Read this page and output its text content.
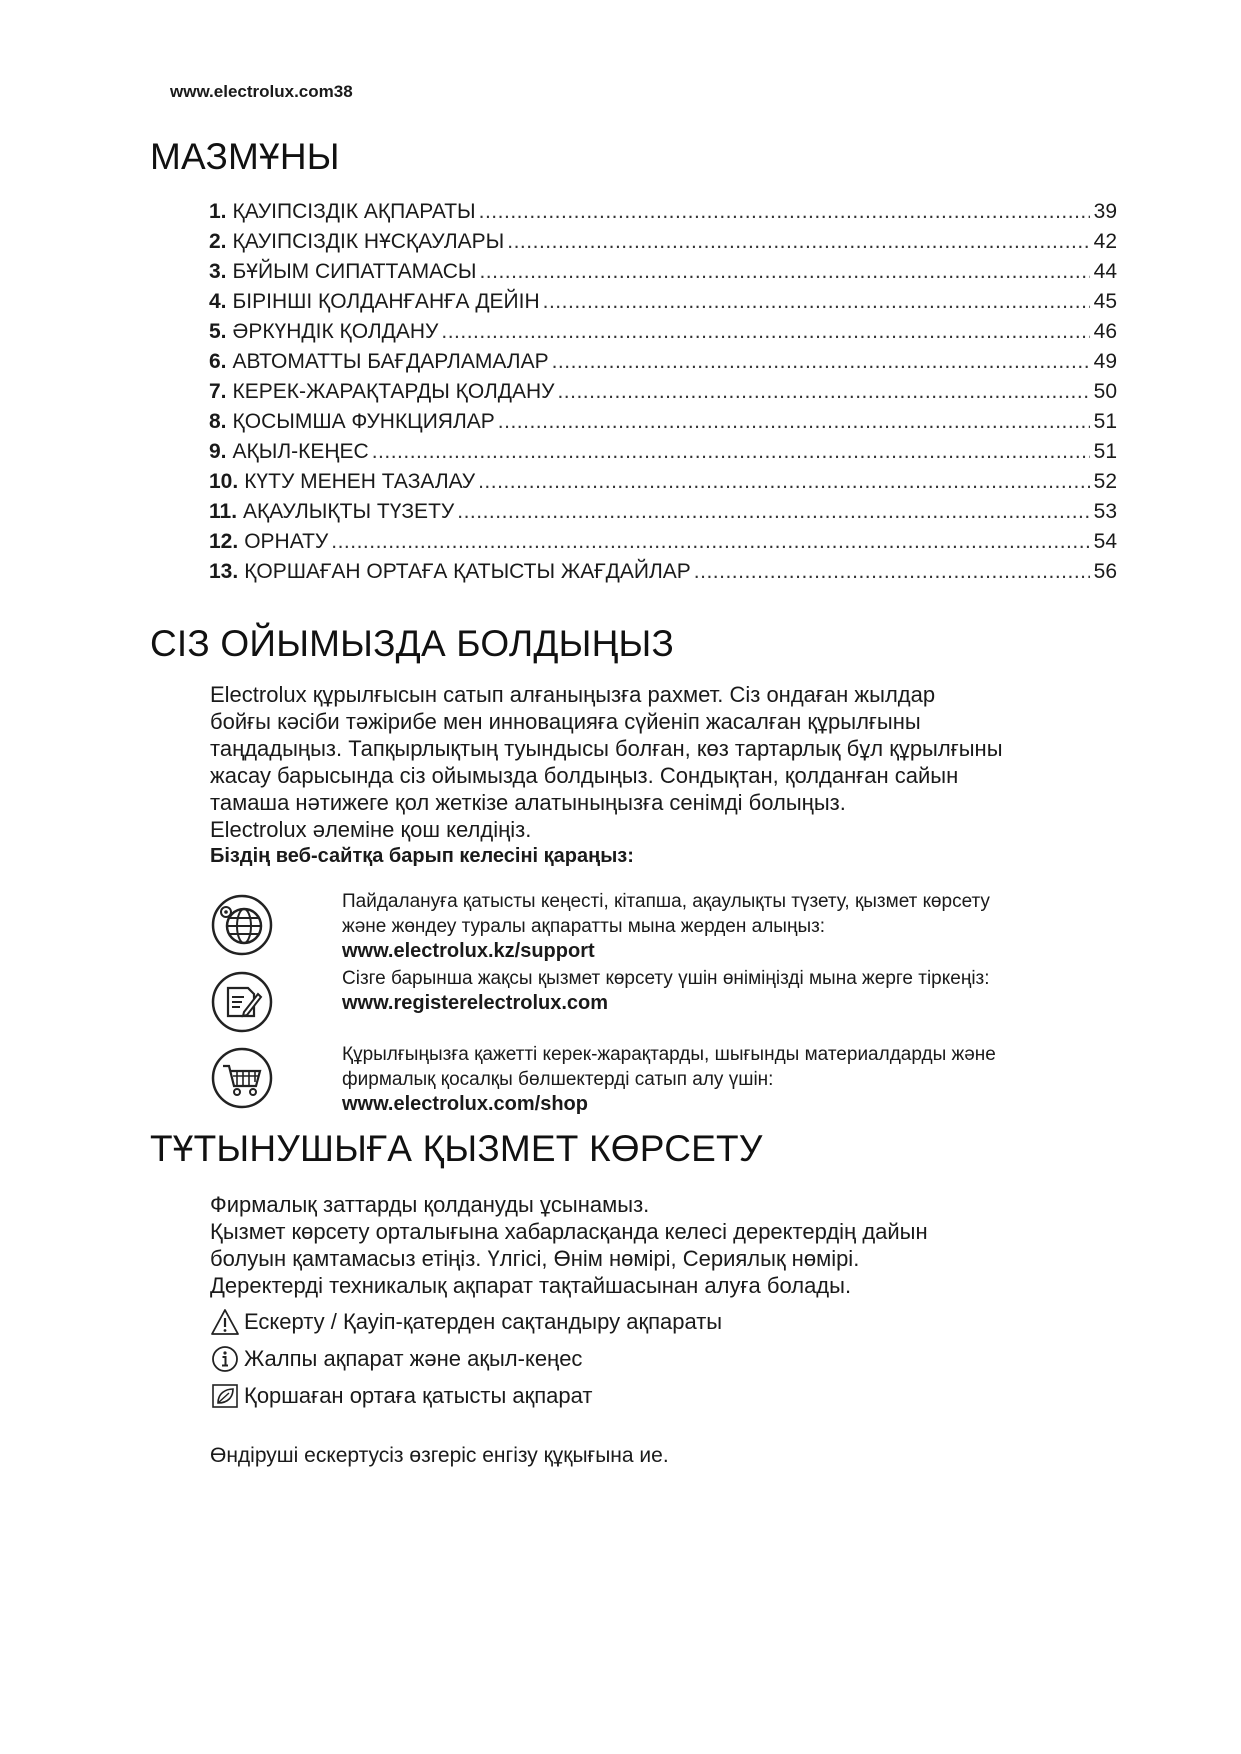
www.electrolux.com38
МАЗМҰНЫ
1. ҚАУІПСІЗДІК АҚПАРАТЫ .....	39
2. ҚАУІПСІЗДІК НҰСҚАУЛАРЫ .....	42
3. БҰЙЫМ СИПАТТАМАСЫ .....	44
4. БІРІНШІ ҚОЛДАНҒАНҒА ДЕЙІН .....	45
5. ӘРКҮНДІК ҚОЛДАНУ .....	46
6. АВТОМАТТЫ БАҒДАРЛАМАЛАР .....	49
7. КЕРЕК-ЖАРАҚТАРДЫ ҚОЛДАНУ .....	50
8. ҚОСЫМША ФУНКЦИЯЛАР .....	51
9. АҚЫЛ-КЕҢЕС .....	51
10. КҮТУ МЕНЕН ТАЗАЛАУ .....	52
11. АҚАУЛЫҚТЫ ТҮЗЕТУ .....	53
12. ОРНАТУ .....	54
13. ҚОРШАҒАН ОРТАҒА ҚАТЫСТЫ ЖАҒДАЙЛАР .....	56
СІЗ ОЙЫМЫЗДА БОЛДЫҢЫЗ

Electrolux құрылғысын сатып алғаныңызға рахмет. Сіз ондаған жылдар

бойғы кәсіби тәжірибе мен инновацияға сүйеніп жасалған құрылғыны

таңдадыңыз. Тапқырлықтың туындысы болған, көз тартарлық бұл құрылғыны

жасау барысында сіз ойымызда болдыңыз. Сондықтан, қолданған сайын

тамаша нәтижеге қол жеткізе алатыныңызға сенімді болыңыз.

Electrolux әлеміне қош келдіңіз.

Біздің веб-сайтқа барып келесіні қараңыз:

Пайдалануға қатысты кеңесті, кітапша, ақаулықты түзету, қызмет көрсету
және жөндеу туралы ақпаратты мына жерден алыңыз:
www.electrolux.kz/support
Сізге барынша жақсы қызмет көрсету үшін өніміңізді мына жерге тіркеңіз:
www.registerelectrolux.com
Құрылғыңызға қажетті керек-жарақтарды, шығынды материалдарды және
фирмалық қосалқы бөлшектерді сатып алу үшін:
www.electrolux.com/shop
ТҰТЫНУШЫҒА ҚЫЗМЕТ КӨРСЕТУ

Фирмалық заттарды қолдануды ұсынамыз.

Қызмет көрсету орталығына хабарласқанда келесі деректердің дайын

болуын қамтамасыз етіңіз. Үлгісі, Өнім нөмірі, Сериялық нөмірі.

Деректерді техникалық ақпарат тақтайшасынан алуға болады.

Ескерту / Қауіп-қатерден сақтандыру ақпараты
Жалпы ақпарат және ақыл-кеңес
Қоршаған ортаға қатысты ақпарат
Өндіруші ескертусіз өзгеріс енгізу құқығына ие.
